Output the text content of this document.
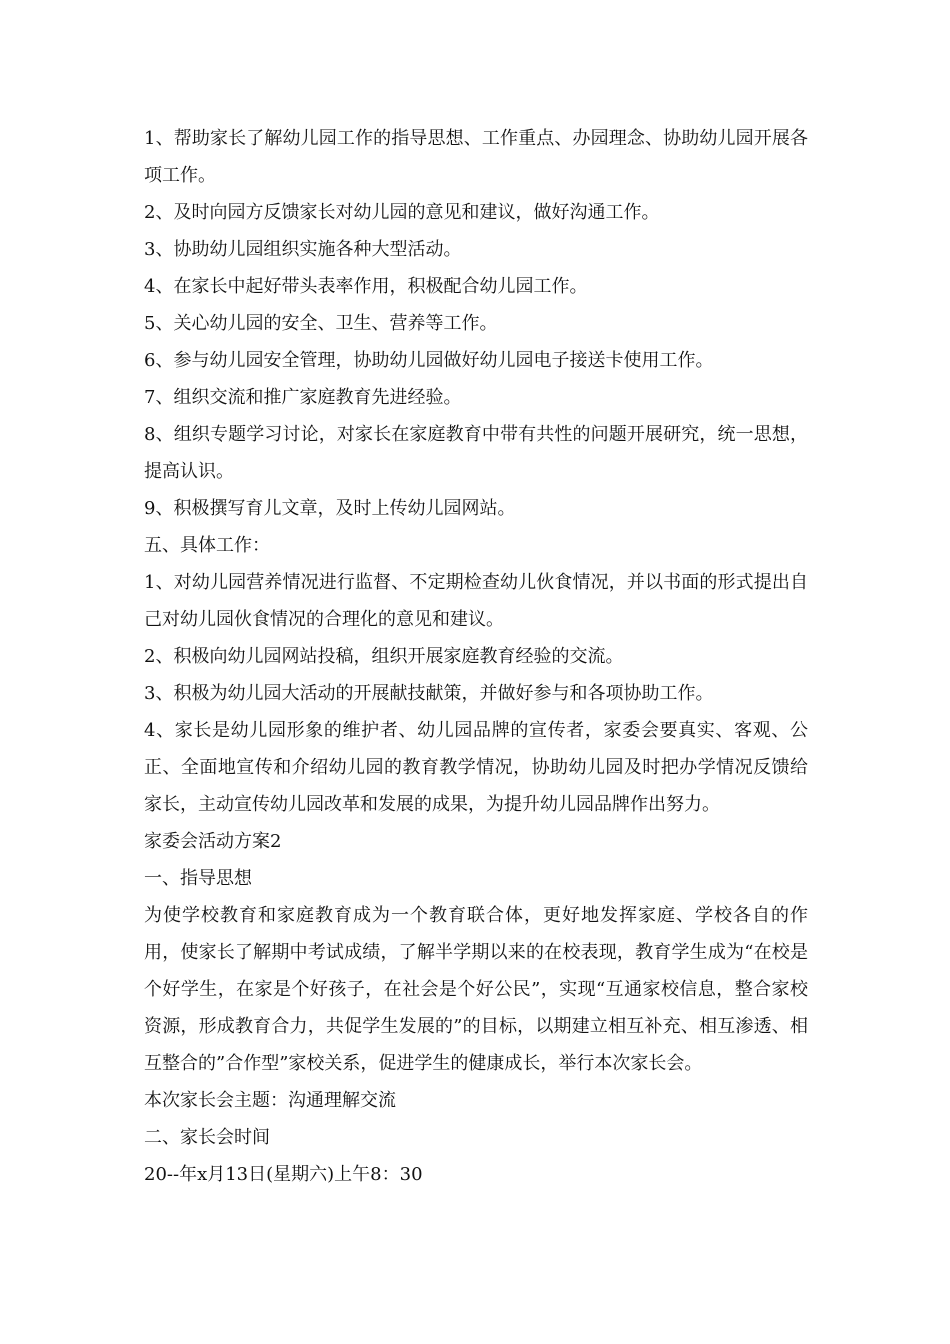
1、帮助家长了解幼儿园工作的指导思想、工作重点、办园理念、协助幼儿园开展各项工作。

2、及时向园方反馈家长对幼儿园的意见和建议，做好沟通工作。

3、协助幼儿园组织实施各种大型活动。

4、在家长中起好带头表率作用，积极配合幼儿园工作。

5、关心幼儿园的安全、卫生、营养等工作。

6、参与幼儿园安全管理，协助幼儿园做好幼儿园电子接送卡使用工作。

7、组织交流和推广家庭教育先进经验。

8、组织专题学习讨论，对家长在家庭教育中带有共性的问题开展研究，统一思想，提高认识。

9、积极撰写育儿文章，及时上传幼儿园网站。

五、具体工作：

1、对幼儿园营养情况进行监督、不定期检查幼儿伙食情况，并以书面的形式提出自己对幼儿园伙食情况的合理化的意见和建议。

2、积极向幼儿园网站投稿，组织开展家庭教育经验的交流。

3、积极为幼儿园大活动的开展献技献策，并做好参与和各项协助工作。

4、家长是幼儿园形象的维护者、幼儿园品牌的宣传者，家委会要真实、客观、公正、全面地宣传和介绍幼儿园的教育教学情况，协助幼儿园及时把办学情况反馈给家长，主动宣传幼儿园改革和发展的成果，为提升幼儿园品牌作出努力。

家委会活动方案2

一、指导思想

为使学校教育和家庭教育成为一个教育联合体，更好地发挥家庭、学校各自的作用，使家长了解期中考试成绩，了解半学期以来的在校表现，教育学生成为“在校是个好学生，在家是个好孩子，在社会是个好公民”，实现“互通家校信息，整合家校资源，形成教育合力，共促学生发展的”的目标，以期建立相互补充、相互渗透、相互整合的”合作型”家校关系，促进学生的健康成长，举行本次家长会。

本次家长会主题：沟通理解交流

二、家长会时间

20--年x月13日(星期六)上午8：30
